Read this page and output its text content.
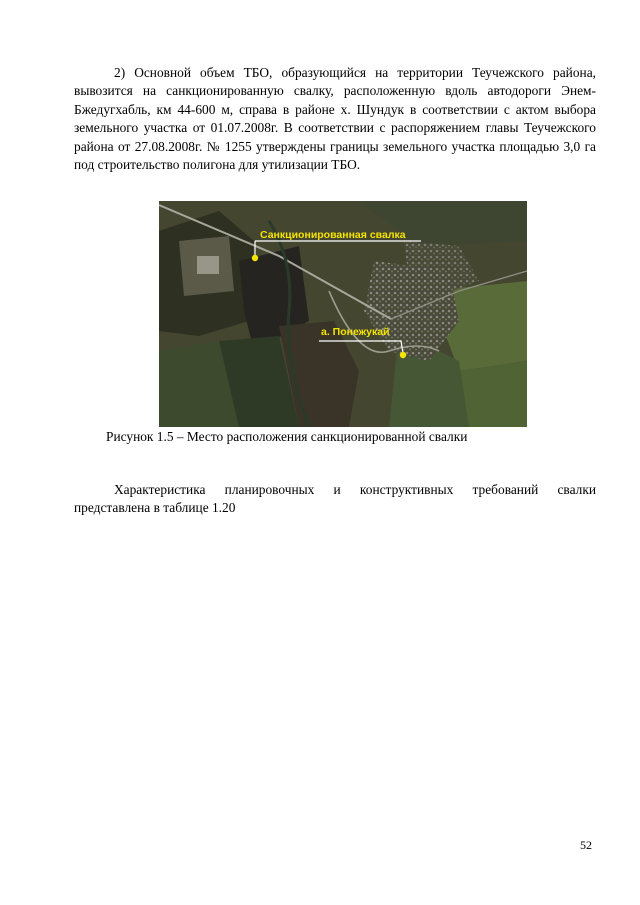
2) Основной объем ТБО, образующийся на территории Теучежского района, вывозится на санкционированную свалку, расположенную вдоль автодороги Энем-Бжедугхабль, км 44-600 м, справа в районе х. Шундук в соответствии с актом выбора земельного участка от 01.07.2008г. В соответствии с распоряжением главы Теучежского района от 27.08.2008г. № 1255 утверждены границы земельного участка площадью 3,0 га под строительство полигона для утилизации ТБО.

Санкционированная свалка
а. Понежукай
Рисунок 1.5 – Место расположения санкционированной свалки

Характеристика планировочных и конструктивных требований свалки представлена в таблице 1.20

52
